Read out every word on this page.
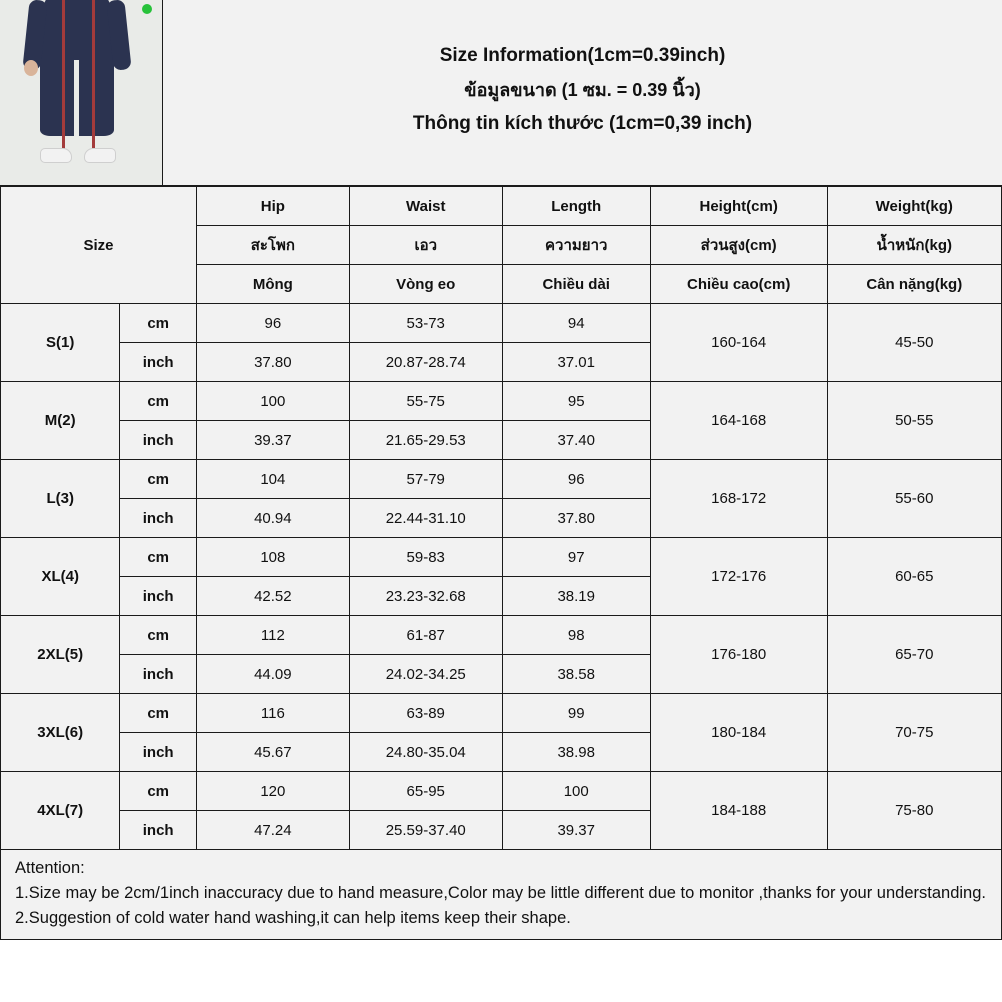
Size Information(1cm=0.39inch)
ข้อมูลขนาด (1 ซม. = 0.39 นิ้ว)
Thông tin kích thước (1cm=0,39 inch)
Size		Hip	Waist	Length	Height(cm)	Weight(kg)
		สะโพก	เอว	ความยาว	ส่วนสูง(cm)	น้ำหนัก(kg)
		Mông	Vòng eo	Chiều dài	Chiều cao(cm)	Cân nặng(kg)
S(1)	cm	96	53-73	94	160-164	45-50
	inch	37.80	20.87-28.74	37.01		
M(2)	cm	100	55-75	95	164-168	50-55
	inch	39.37	21.65-29.53	37.40		
L(3)	cm	104	57-79	96	168-172	55-60
	inch	40.94	22.44-31.10	37.80		
XL(4)	cm	108	59-83	97	172-176	60-65
	inch	42.52	23.23-32.68	38.19		
2XL(5)	cm	112	61-87	98	176-180	65-70
	inch	44.09	24.02-34.25	38.58		
3XL(6)	cm	116	63-89	99	180-184	70-75
	inch	45.67	24.80-35.04	38.98		
4XL(7)	cm	120	65-95	100	184-188	75-80
	inch	47.24	25.59-37.40	39.37		
Attention:
1.Size may be 2cm/1inch inaccuracy due to hand measure,Color may be little different due to monitor ,thanks for your understanding.
2.Suggestion of cold water hand washing,it can help items keep their shape.
